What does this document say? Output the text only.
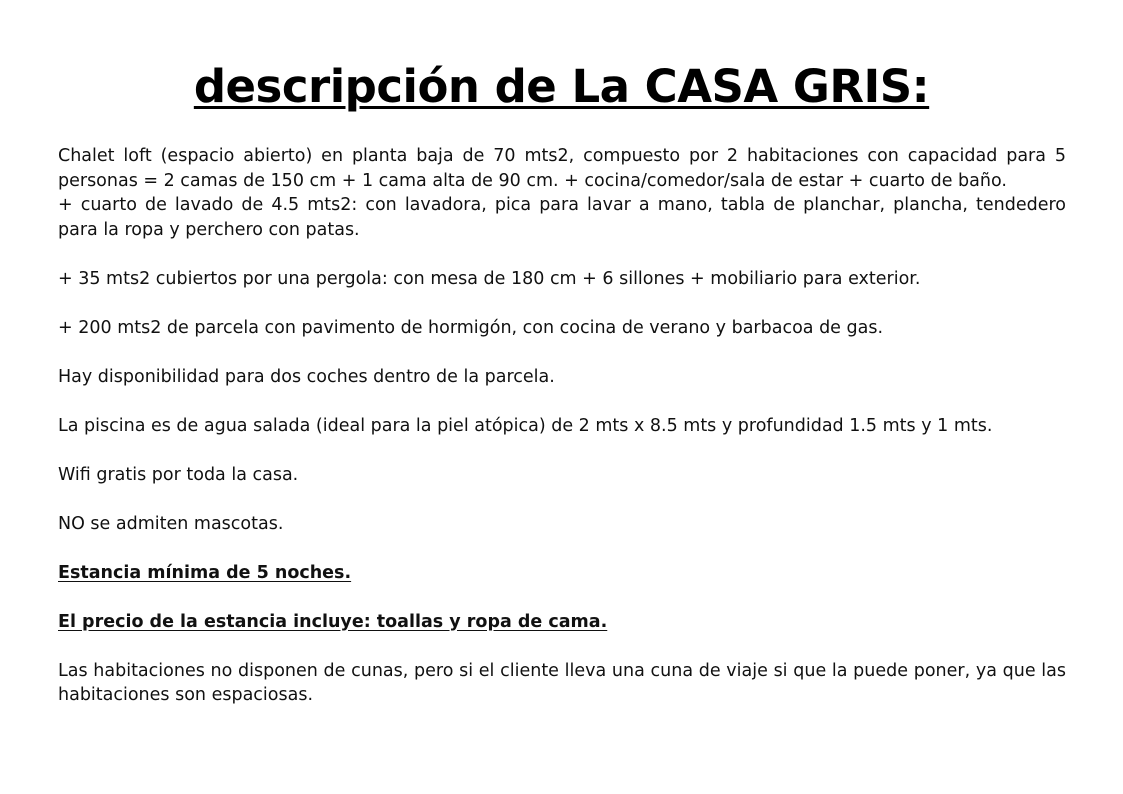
descripción de La CASA GRIS:

Chalet loft (espacio abierto) en planta baja de 70 mts2, compuesto por 2 habitaciones con capacidad para 5 personas = 2 camas de 150 cm + 1 cama alta de 90 cm. + cocina/comedor/sala de estar + cuarto de baño.

+ cuarto de lavado de 4.5 mts2: con lavadora, pica para lavar a mano, tabla de planchar, plancha, tendedero para la ropa y perchero con patas.

+ 35 mts2 cubiertos por una pergola: con mesa de 180 cm + 6 sillones + mobiliario para exterior.

+ 200 mts2 de parcela con pavimento de hormigón, con cocina de verano y barbacoa de gas.

Hay disponibilidad para dos coches dentro de la parcela.

La piscina es de agua salada (ideal para la piel atópica) de 2 mts x 8.5 mts y profundidad 1.5 mts y 1 mts.

Wifi gratis por toda la casa.

NO se admiten mascotas.

Estancia mínima de 5 noches.

El precio de la estancia incluye: toallas y ropa de cama.

Las habitaciones no disponen de cunas, pero si el cliente lleva una cuna de viaje si que la puede poner, ya que las habitaciones son espaciosas.
